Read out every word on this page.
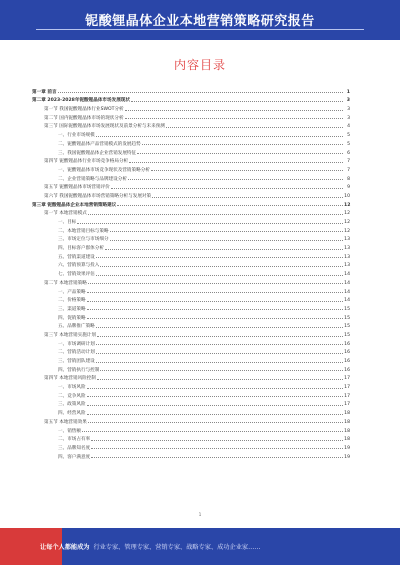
铌酸锂晶体企业本地营销策略研究报告
内容目录
第一章 前言	1
第二章 2023-2028年铌酸锂晶体市场发展现状	3
第一节 我国铌酸锂晶体行业SWOT分析	3
第二节 国内铌酸锂晶体市场的现状分析	3
第三节 国际铌酸锂晶体市场发展现状及前景分析与未来预测	4
一、行业市场规模	5
二、铌酸锂晶体产品营销模式的发展趋势	5
三、我国铌酸锂晶体企业营销发展特征	6
第四节 铌酸锂晶体行业市场竞争格局分析	7
一、铌酸锂晶体市场竞争现状及营销策略分析	7
二、企业营销策略与品牌建设分析	8
第五节 铌酸锂晶体市场营销评价	9
第六节 我国铌酸锂晶体市场营销策略分析与发展对策	10
第三章 铌酸锂晶体企业本地营销策略建议	12
第一节 本地营销模式	12
一、目标	12
二、本地营销目标与策略	12
三、市场定位与市场细分	13
四、目标客户群体分析	13
五、营销渠道建设	13
六、营销预算与投入	13
七、营销效果评估	14
第二节 本地营销策略	14
一、产品策略	14
二、价格策略	14
三、渠道策略	15
四、促销策略	15
五、品牌推广策略	15
第三节 本地营销实施计划	15
一、市场调研计划	16
二、营销活动计划	16
三、营销团队建设	16
四、营销执行与控制	16
第四节 本地营销风险控制	17
一、市场风险	17
二、竞争风险	17
三、政策风险	17
四、经营风险	18
第五节 本地营销效果	18
一、销售额	18
二、市场占有率	18
三、品牌知名度	19
四、客户满意度	19
1
让每个人都能成为 行业专家、管理专家、营销专家、战略专家、成功企业家……
